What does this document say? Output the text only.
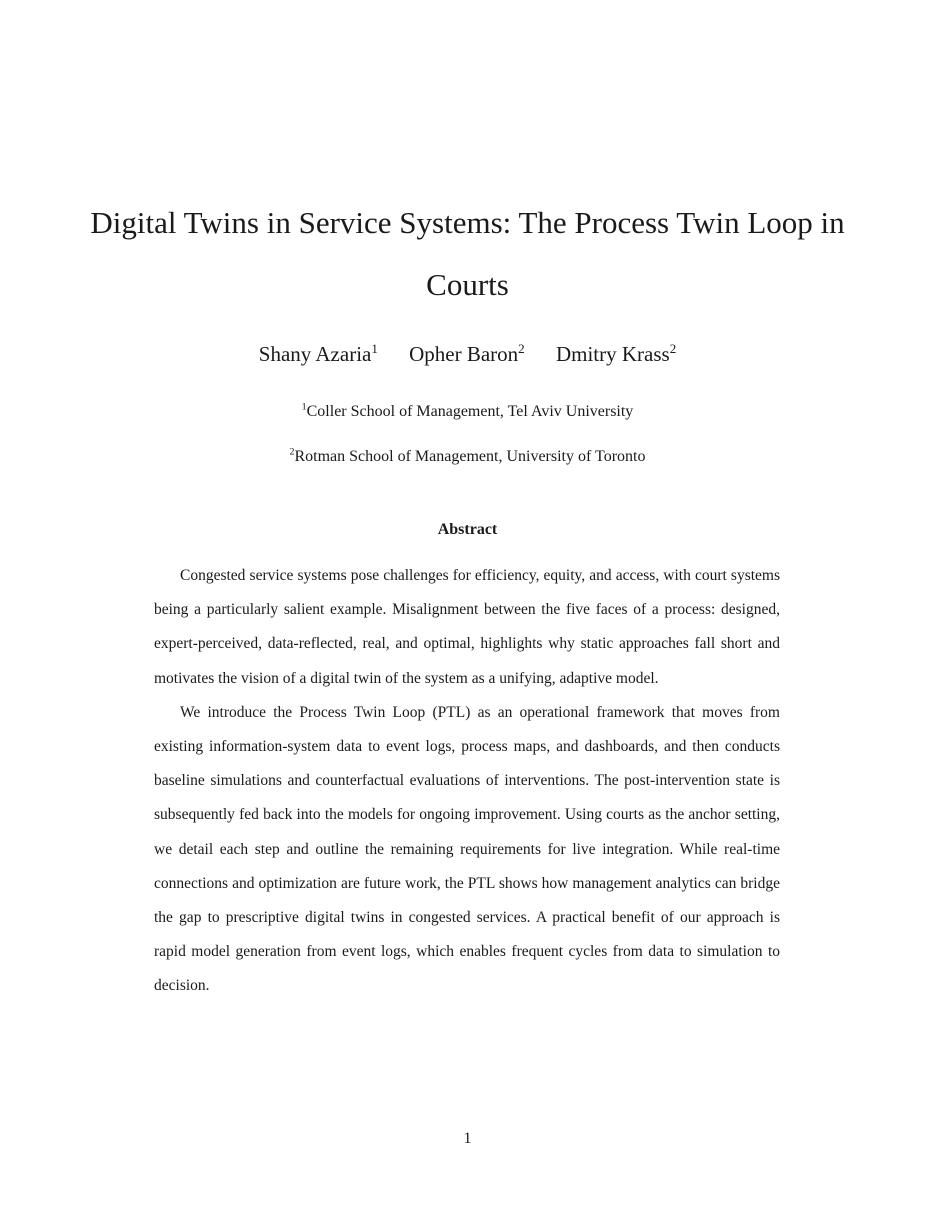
Digital Twins in Service Systems: The Process Twin Loop in Courts
Shany Azaria$^1$ Opher Baron$^2$ Dmitry Krass$^2$
$^1$Coller School of Management, Tel Aviv University
$^2$Rotman School of Management, University of Toronto
Abstract

Congested service systems pose challenges for efficiency, equity, and access, with court systems being a particularly salient example. Misalignment between the five faces of a process: designed, expert-perceived, data-reflected, real, and optimal, highlights why static approaches fall short and motivates the vision of a digital twin of the system as a unifying, adaptive model.

We introduce the Process Twin Loop (PTL) as an operational framework that moves from existing information-system data to event logs, process maps, and dashboards, and then conducts baseline simulations and counterfactual evaluations of interventions. The post-intervention state is subsequently fed back into the models for ongoing improvement. Using courts as the anchor setting, we detail each step and outline the remaining requirements for live integration. While real-time connections and optimization are future work, the PTL shows how management analytics can bridge the gap to prescriptive digital twins in congested services. A practical benefit of our approach is rapid model generation from event logs, which enables frequent cycles from data to simulation to decision.

1
